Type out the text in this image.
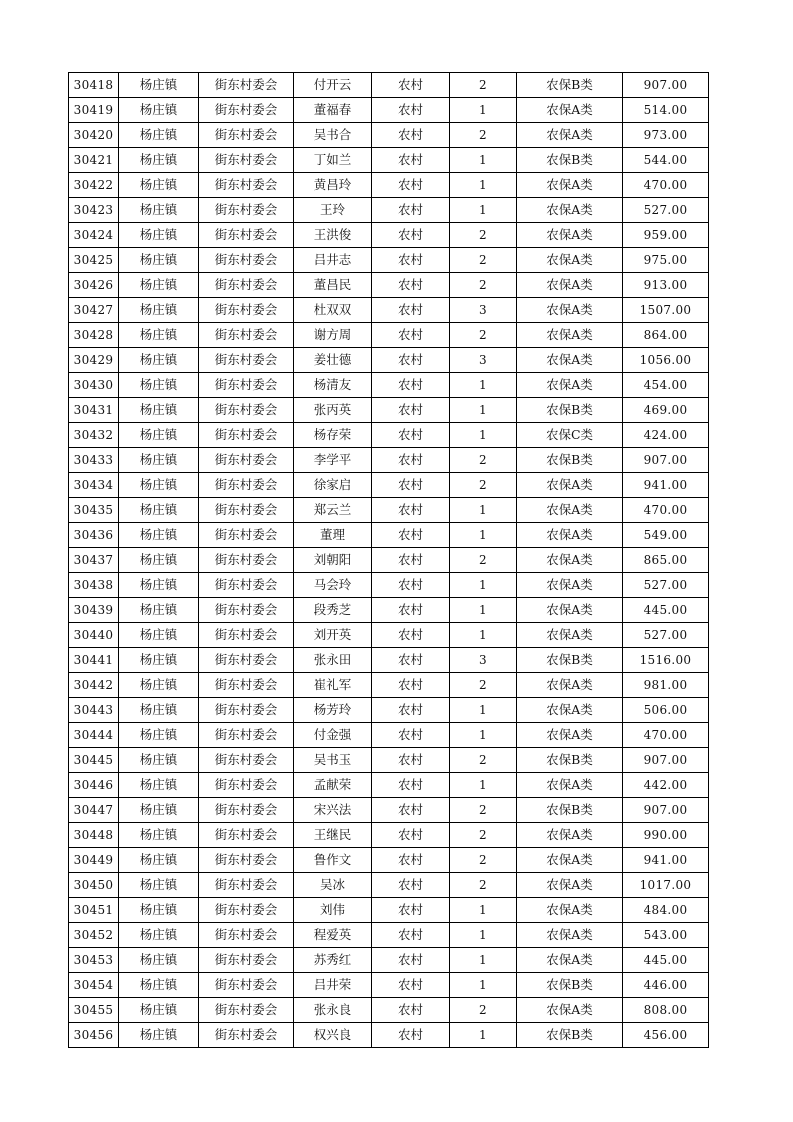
30418	杨庄镇	街东村委会	付开云	农村	2	农保B类	907.00
30419	杨庄镇	街东村委会	董福春	农村	1	农保A类	514.00
30420	杨庄镇	街东村委会	吴书合	农村	2	农保A类	973.00
30421	杨庄镇	街东村委会	丁如兰	农村	1	农保B类	544.00
30422	杨庄镇	街东村委会	黄昌玲	农村	1	农保A类	470.00
30423	杨庄镇	街东村委会	王玲	农村	1	农保A类	527.00
30424	杨庄镇	街东村委会	王洪俊	农村	2	农保A类	959.00
30425	杨庄镇	街东村委会	吕井志	农村	2	农保A类	975.00
30426	杨庄镇	街东村委会	董昌民	农村	2	农保A类	913.00
30427	杨庄镇	街东村委会	杜双双	农村	3	农保A类	1507.00
30428	杨庄镇	街东村委会	谢方周	农村	2	农保A类	864.00
30429	杨庄镇	街东村委会	姜壮德	农村	3	农保A类	1056.00
30430	杨庄镇	街东村委会	杨清友	农村	1	农保A类	454.00
30431	杨庄镇	街东村委会	张丙英	农村	1	农保B类	469.00
30432	杨庄镇	街东村委会	杨存荣	农村	1	农保C类	424.00
30433	杨庄镇	街东村委会	李学平	农村	2	农保B类	907.00
30434	杨庄镇	街东村委会	徐家启	农村	2	农保A类	941.00
30435	杨庄镇	街东村委会	郑云兰	农村	1	农保A类	470.00
30436	杨庄镇	街东村委会	董理	农村	1	农保A类	549.00
30437	杨庄镇	街东村委会	刘朝阳	农村	2	农保A类	865.00
30438	杨庄镇	街东村委会	马会玲	农村	1	农保A类	527.00
30439	杨庄镇	街东村委会	段秀芝	农村	1	农保A类	445.00
30440	杨庄镇	街东村委会	刘开英	农村	1	农保A类	527.00
30441	杨庄镇	街东村委会	张永田	农村	3	农保B类	1516.00
30442	杨庄镇	街东村委会	崔礼军	农村	2	农保A类	981.00
30443	杨庄镇	街东村委会	杨芳玲	农村	1	农保A类	506.00
30444	杨庄镇	街东村委会	付金强	农村	1	农保A类	470.00
30445	杨庄镇	街东村委会	吴书玉	农村	2	农保B类	907.00
30446	杨庄镇	街东村委会	孟献荣	农村	1	农保A类	442.00
30447	杨庄镇	街东村委会	宋兴法	农村	2	农保B类	907.00
30448	杨庄镇	街东村委会	王继民	农村	2	农保A类	990.00
30449	杨庄镇	街东村委会	鲁作文	农村	2	农保A类	941.00
30450	杨庄镇	街东村委会	吴冰	农村	2	农保A类	1017.00
30451	杨庄镇	街东村委会	刘伟	农村	1	农保A类	484.00
30452	杨庄镇	街东村委会	程爱英	农村	1	农保A类	543.00
30453	杨庄镇	街东村委会	苏秀红	农村	1	农保A类	445.00
30454	杨庄镇	街东村委会	吕井荣	农村	1	农保B类	446.00
30455	杨庄镇	街东村委会	张永良	农村	2	农保A类	808.00
30456	杨庄镇	街东村委会	权兴良	农村	1	农保B类	456.00
